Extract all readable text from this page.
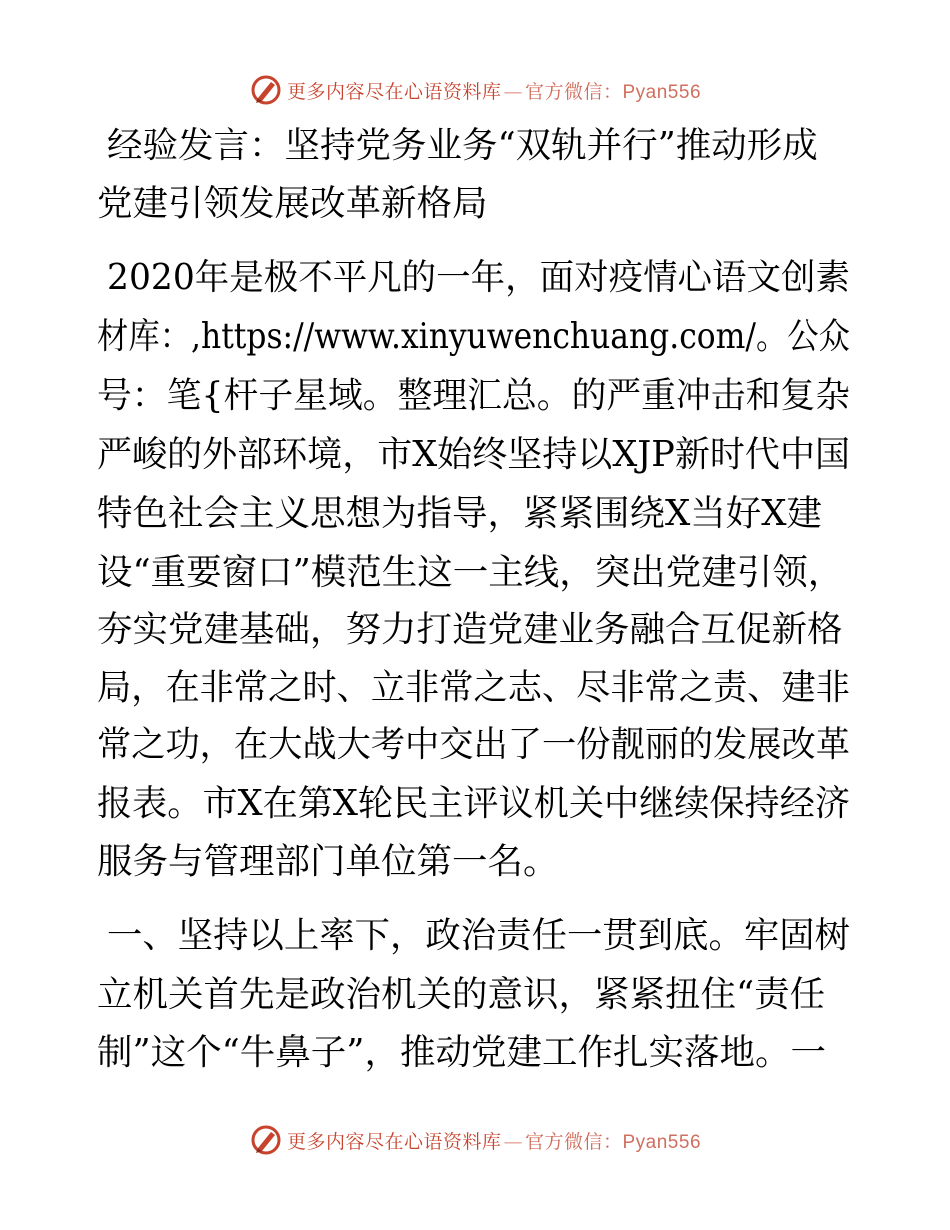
更多内容尽在心语资料库 — 官方微信：Pyan556
经验发言：坚持党务业务“双轨并行”推动形成
党建引领发展改革新格局
2020年是极不平凡的一年，面对疫情心语文创素
材库：,https://www.xinyuwenchuang.com/。公众
号：笔{杆子星域。整理汇总。的严重冲击和复杂
严峻的外部环境，市X始终坚持以XJP新时代中国
特色社会主义思想为指导，紧紧围绕X当好X建
设“重要窗口”模范生这一主线，突出党建引领，
夯实党建基础，努力打造党建业务融合互促新格
局，在非常之时、立非常之志、尽非常之责、建非
常之功，在大战大考中交出了一份靓丽的发展改革
报表。市X在第X轮民主评议机关中继续保持经济
服务与管理部门单位第一名。
一、坚持以上率下，政治责任一贯到底。牢固树
立机关首先是政治机关的意识，紧紧扭住“责任
制”这个“牛鼻子”，推动党建工作扎实落地。一
更多内容尽在心语资料库 — 官方微信：Pyan556
